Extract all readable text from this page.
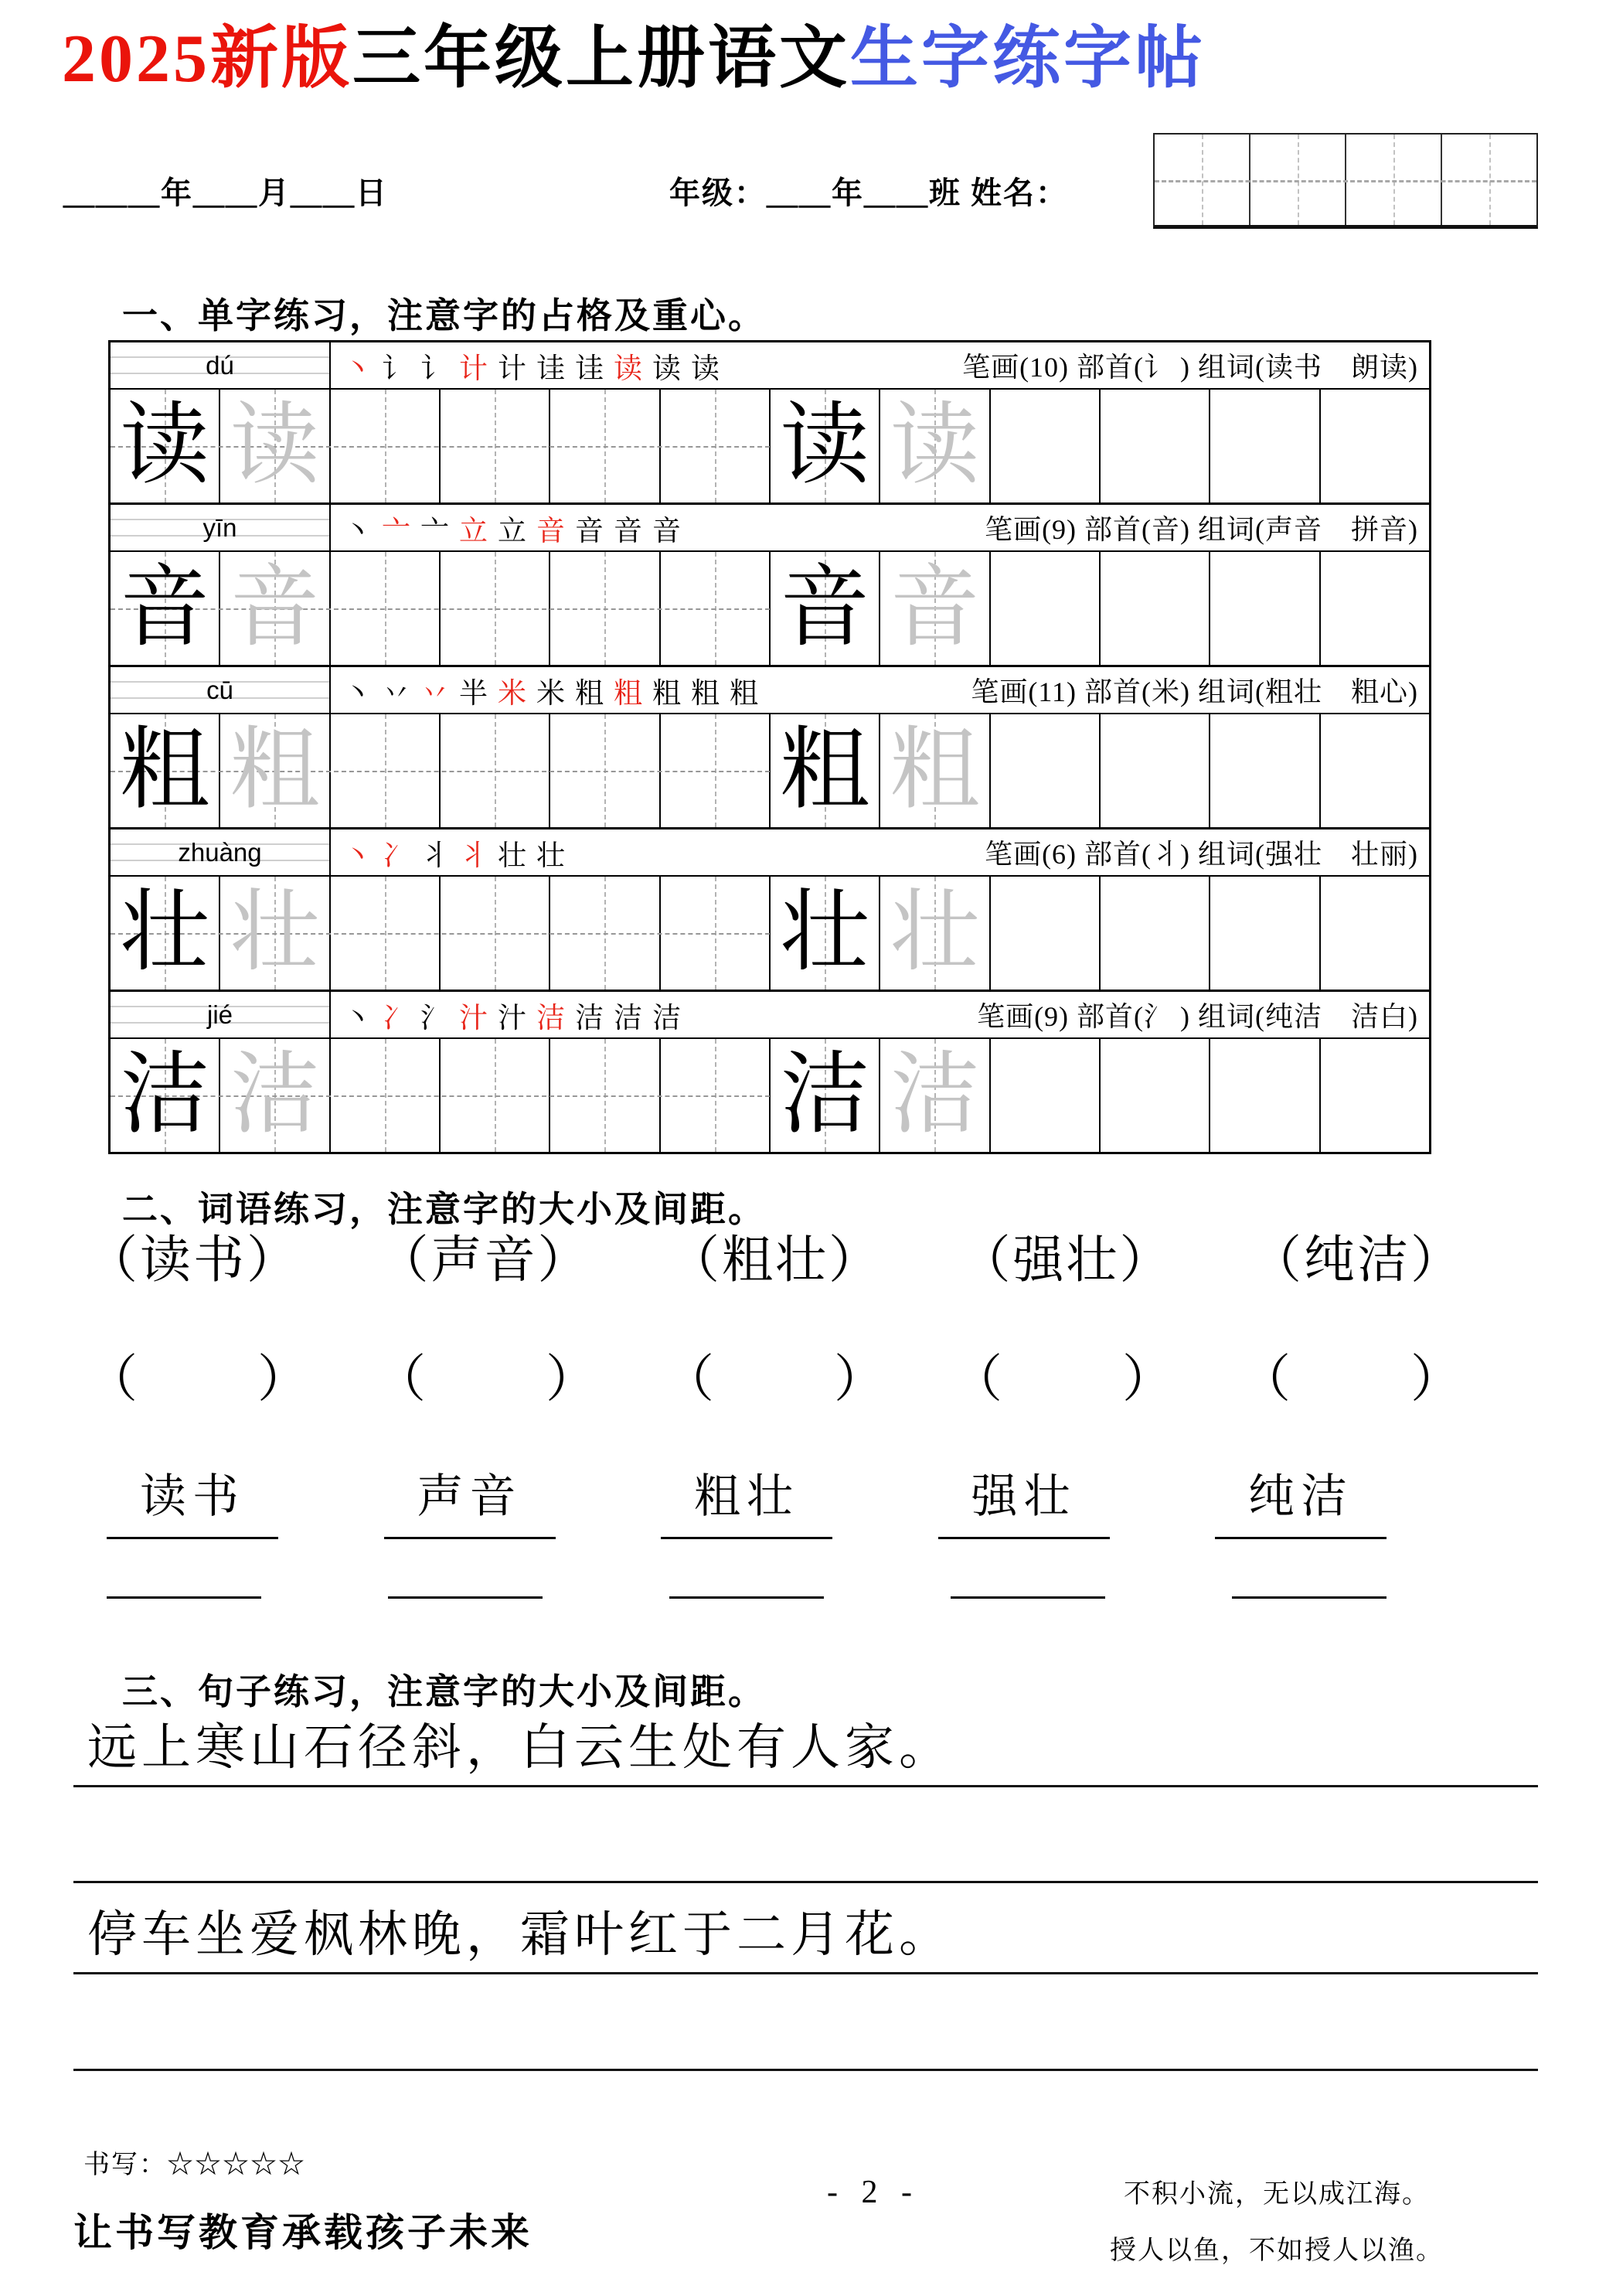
2025新版三年级上册语文生字练字帖
＿＿＿年＿＿月＿＿日	年级：＿＿年＿＿班 姓名：
一、单字练习，注意字的占格及重心。
dú	丶 讠 讠 计 计 诖 诖 读 读 读	笔画(10) 部首(讠 ) 组词(读书　朗读)
读 读	读 读
yīn	丶 亠 亠 立 立 音 音 音 音	笔画(9) 部首(音) 组词(声音　拼音)
音 音	音 音
cū	丶 丷 丷 半 米 米 粗 粗 粗 粗 粗	笔画(11) 部首(米) 组词(粗壮　粗心)
粗 粗	粗 粗
zhuàng	丶 冫 丬 丬 壮 壮	笔画(6) 部首(丬) 组词(强壮　壮丽)
壮 壮	壮 壮
jié	丶 冫 氵 汁 汁 洁 洁 洁 洁	笔画(9) 部首(氵 ) 组词(纯洁　洁白)
洁 洁	洁 洁
二、词语练习，注意字的大小及间距。
（读书） （声音） （粗壮） （强壮） （纯洁）
（ ） （ ） （ ） （ ） （ ）
读书	声音	粗壮	强壮	纯洁
三、句子练习，注意字的大小及间距。
远上寒山石径斜，白云生处有人家。
停车坐爱枫林晚，霜叶红于二月花。
书写：☆☆☆☆☆
让书写教育承载孩子未来
- 2 -	不积小流，无以成江海。
授人以鱼，不如授人以渔。
